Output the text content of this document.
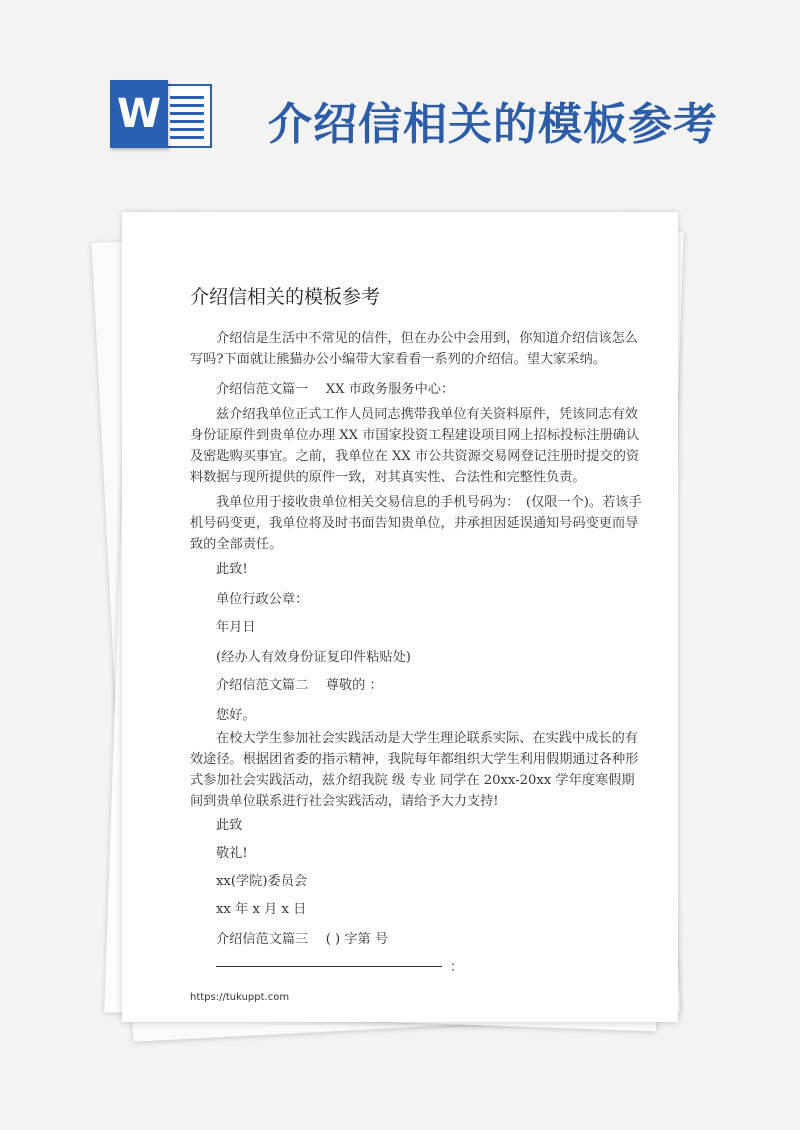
W 介绍信相关的模板参考
介绍信相关的模板参考
介绍信是生活中不常见的信件，但在办公中会用到，你知道介绍信该怎么写吗?下面就让熊猫办公小编带大家看看一系列的介绍信。望大家采纳。
介绍信范文篇一　 XX 市政务服务中心：
兹介绍我单位正式工作人员同志携带我单位有关资料原件，凭该同志有效身份证原件到贵单位办理 XX 市国家投资工程建设项目网上招标投标注册确认及密匙购买事宜。之前，我单位在 XX 市公共资源交易网登记注册时提交的资料数据与现所提供的原件一致，对其真实性、合法性和完整性负责。
我单位用于接收贵单位相关交易信息的手机号码为：　(仅限一个)。若该手机号码变更，我单位将及时书面告知贵单位，并承担因延误通知号码变更而导致的全部责任。
此致!
单位行政公章：
年月日
(经办人有效身份证复印件粘贴处)
介绍信范文篇二　 尊敬的 ：
您好。
在校大学生参加社会实践活动是大学生理论联系实际、在实践中成长的有效途径。根据团省委的指示精神，我院每年都组织大学生利用假期通过各种形式参加社会实践活动，兹介绍我院 级 专业 同学在 20xx-20xx 学年度寒假期间到贵单位联系进行社会实践活动，请给予大力支持!
此致
敬礼!
xx(学院)委员会
xx 年 x 月 x 日
介绍信范文篇三　 ( ) 字第 号
：
https://tukuppt.com
